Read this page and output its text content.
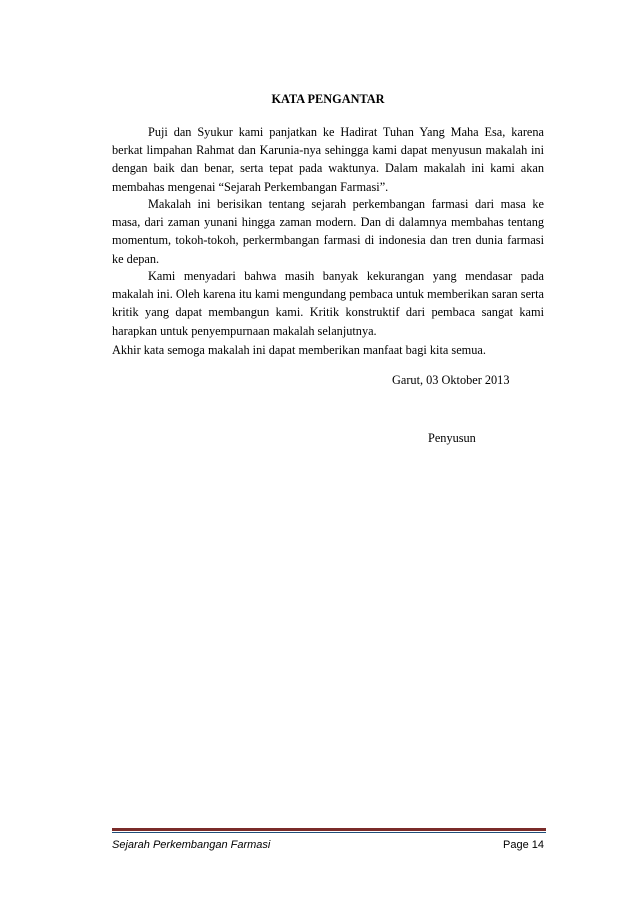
KATA PENGANTAR

Puji dan Syukur kami panjatkan ke Hadirat Tuhan Yang Maha Esa, karena berkat limpahan Rahmat dan Karunia-nya sehingga kami dapat menyusun makalah ini dengan baik dan benar, serta tepat pada waktunya. Dalam makalah ini kami akan membahas mengenai “Sejarah Perkembangan Farmasi”.

Makalah ini berisikan tentang sejarah perkembangan farmasi dari masa ke masa, dari zaman yunani hingga zaman modern. Dan di dalamnya membahas tentang momentum, tokoh-tokoh, perkermbangan farmasi di indonesia dan tren dunia farmasi ke depan.

Kami menyadari bahwa masih banyak kekurangan yang mendasar pada makalah ini. Oleh karena itu kami mengundang pembaca untuk memberikan saran serta kritik yang dapat membangun kami. Kritik konstruktif dari pembaca sangat kami harapkan untuk penyempurnaan makalah selanjutnya.

Akhir kata semoga makalah ini dapat memberikan manfaat bagi kita semua.

Garut, 03 Oktober 2013
Penyusun
Sejarah Perkembangan Farmasi	Page 14
